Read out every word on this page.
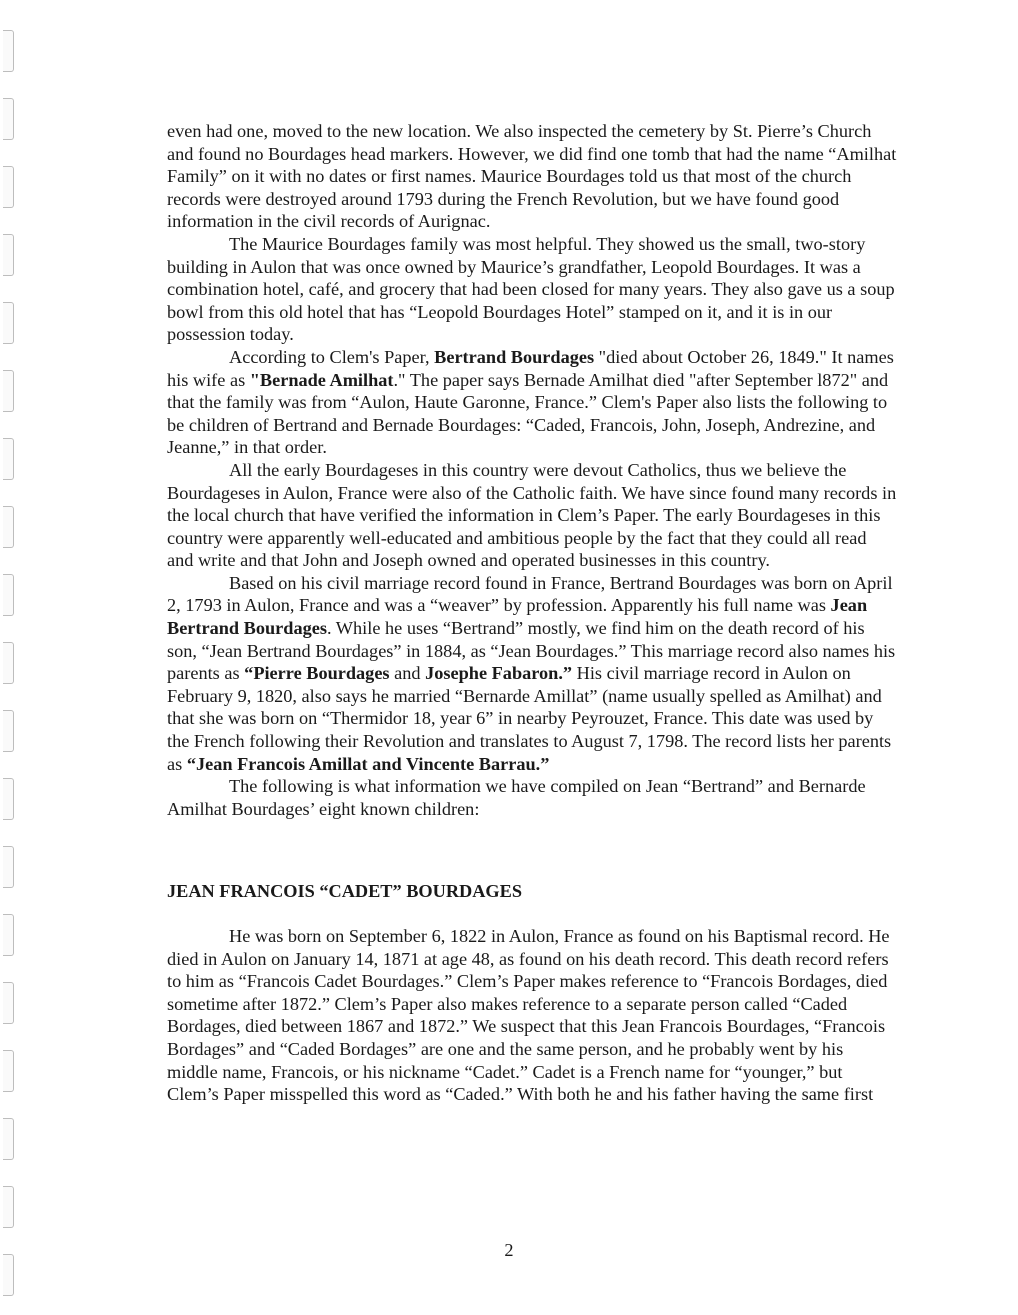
even had one, moved to the new location. We also inspected the cemetery by St. Pierre’s Church and found no Bourdages head markers. However, we did find one tomb that had the name “Amilhat Family” on it with no dates or first names. Maurice Bourdages told us that most of the church records were destroyed around 1793 during the French Revolution, but we have found good information in the civil records of Aurignac.

The Maurice Bourdages family was most helpful. They showed us the small, two-story building in Aulon that was once owned by Maurice’s grandfather, Leopold Bourdages. It was a combination hotel, café, and grocery that had been closed for many years. They also gave us a soup bowl from this old hotel that has “Leopold Bourdages Hotel” stamped on it, and it is in our possession today.

According to Clem's Paper, Bertrand Bourdages "died about October 26, 1849." It names his wife as "Bernade Amilhat." The paper says Bernade Amilhat died "after September l872" and that the family was from “Aulon, Haute Garonne, France.” Clem's Paper also lists the following to be children of Bertrand and Bernade Bourdages: “Caded, Francois, John, Joseph, Andrezine, and Jeanne,” in that order.

All the early Bourdageses in this country were devout Catholics, thus we believe the Bourdageses in Aulon, France were also of the Catholic faith. We have since found many records in the local church that have verified the information in Clem’s Paper. The early Bourdageses in this country were apparently well-educated and ambitious people by the fact that they could all read and write and that John and Joseph owned and operated businesses in this country.

Based on his civil marriage record found in France, Bertrand Bourdages was born on April 2, 1793 in Aulon, France and was a “weaver” by profession. Apparently his full name was Jean Bertrand Bourdages. While he uses “Bertrand” mostly, we find him on the death record of his son, “Jean Bertrand Bourdages” in 1884, as “Jean Bourdages.” This marriage record also names his parents as “Pierre Bourdages and Josephe Fabaron.” His civil marriage record in Aulon on February 9, 1820, also says he married “Bernarde Amillat” (name usually spelled as Amilhat) and that she was born on “Thermidor 18, year 6” in nearby Peyrouzet, France. This date was used by the French following their Revolution and translates to August 7, 1798. The record lists her parents as “Jean Francois Amillat and Vincente Barrau.”

The following is what information we have compiled on Jean “Bertrand” and Bernarde Amilhat Bourdages’ eight known children:

JEAN FRANCOIS “CADET” BOURDAGES

He was born on September 6, 1822 in Aulon, France as found on his Baptismal record. He died in Aulon on January 14, 1871 at age 48, as found on his death record. This death record refers to him as “Francois Cadet Bourdages.” Clem’s Paper makes reference to “Francois Bordages, died sometime after 1872.” Clem’s Paper also makes reference to a separate person called “Caded Bordages, died between 1867 and 1872.” We suspect that this Jean Francois Bourdages, “Francois Bordages” and “Caded Bordages” are one and the same person, and he probably went by his middle name, Francois, or his nickname “Cadet.” Cadet is a French name for “younger,” but Clem’s Paper misspelled this word as “Caded.” With both he and his father having the same first

2
